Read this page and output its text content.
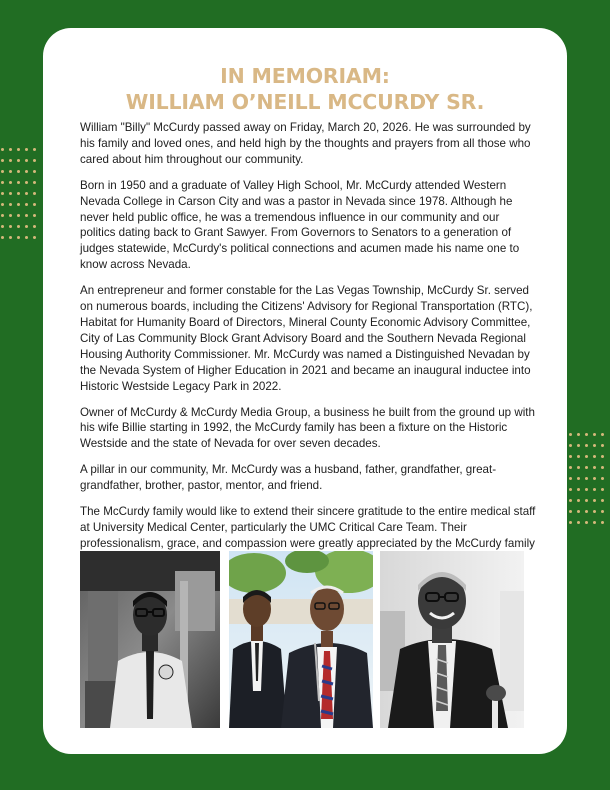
IN MEMORIAM:
WILLIAM O’NEILL MCCURDY SR.

William "Billy" McCurdy passed away on Friday, March 20, 2026. He was surrounded by his family and loved ones, and held high by the thoughts and prayers from all those who cared about him throughout our community.

Born in 1950 and a graduate of Valley High School, Mr. McCurdy attended Western Nevada College in Carson City and was a pastor in Nevada since 1978. Although he never held public office, he was a tremendous influence in our community and our politics dating back to Grant Sawyer. From Governors to Senators to a generation of judges statewide, McCurdy's political connections and acumen made his name one to know across Nevada.

An entrepreneur and former constable for the Las Vegas Township, McCurdy Sr. served on numerous boards, including the Citizens' Advisory for Regional Transportation (RTC), Habitat for Humanity Board of Directors, Mineral County Economic Advisory Committee, City of Las Community Block Grant Advisory Board and the Southern Nevada Regional Housing Authority Commissioner. Mr. McCurdy was named a Distinguished Nevadan by the Nevada System of Higher Education in 2021 and became an inaugural inductee into Historic Westside Legacy Park in 2022.

Owner of McCurdy & McCurdy Media Group, a business he built from the ground up with his wife Billie starting in 1992, the McCurdy family has been a fixture on the Historic Westside and the state of Nevada for over seven decades.

A pillar in our community, Mr. McCurdy was a husband, father, grandfather, great-grandfather, brother, pastor, mentor, and friend.

The McCurdy family would like to extend their sincere gratitude to the entire medical staff at University Medical Center, particularly the UMC Critical Care Team. Their professionalism, grace, and compassion were greatly appreciated by the McCurdy family
